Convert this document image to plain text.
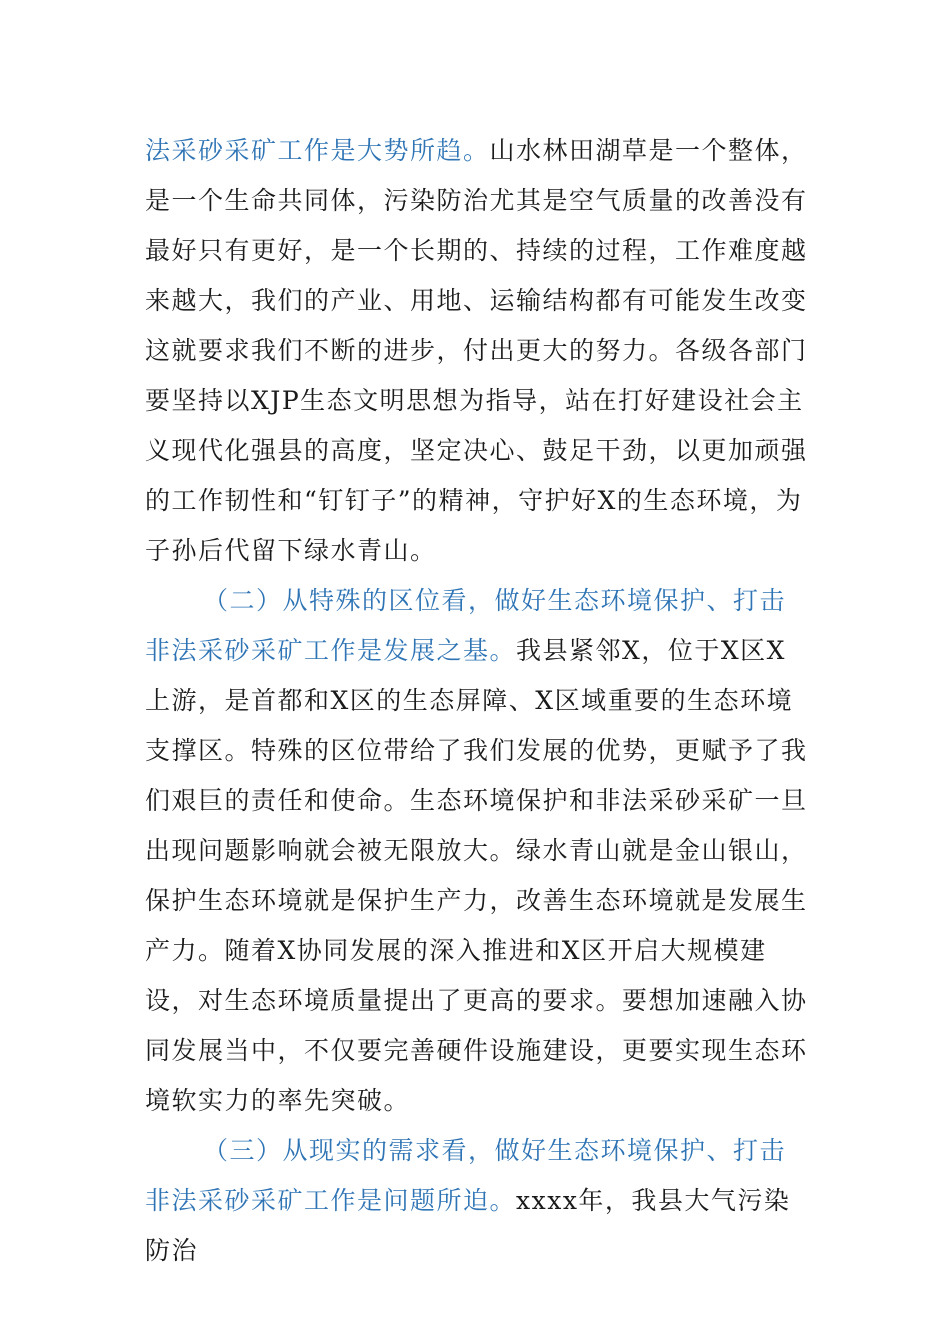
法采砂采矿工作是大势所趋。山水林田湖草是一个整体，是一个生命共同体，污染防治尤其是空气质量的改善没有最好只有更好，是一个长期的、持续的过程，工作难度越来越大，我们的产业、用地、运输结构都有可能发生改变这就要求我们不断的进步，付出更大的努力。各级各部门要坚持以XJP生态文明思想为指导，站在打好建设社会主义现代化强县的高度，坚定决心、鼓足干劲，以更加顽强的工作韧性和“钉钉子”的精神，守护好X的生态环境，为子孙后代留下绿水青山。

（二）从特殊的区位看，做好生态环境保护、打击非法采砂采矿工作是发展之基。我县紧邻X，位于X区X上游，是首都和X区的生态屏障、X区域重要的生态环境支撑区。特殊的区位带给了我们发展的优势，更赋予了我们艰巨的责任和使命。生态环境保护和非法采砂采矿一旦出现问题影响就会被无限放大。绿水青山就是金山银山，保护生态环境就是保护生产力，改善生态环境就是发展生产力。随着X协同发展的深入推进和X区开启大规模建设，对生态环境质量提出了更高的要求。要想加速融入协同发展当中，不仅要完善硬件设施建设，更要实现生态环境软实力的率先突破。

（三）从现实的需求看，做好生态环境保护、打击非法采砂采矿工作是问题所迫。xxxx年，我县大气污染防治
